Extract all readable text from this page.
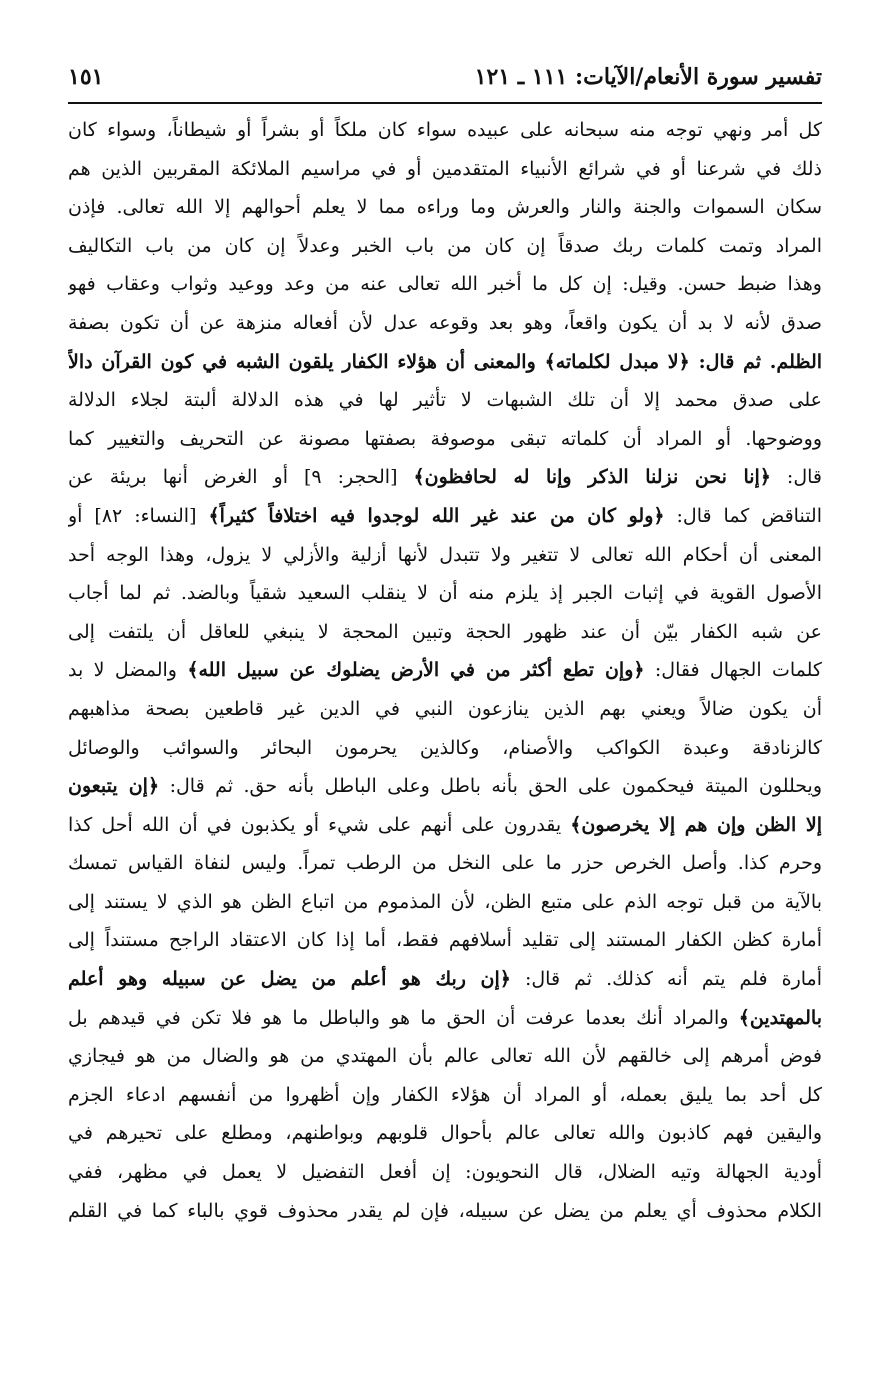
تفسير سورة الأنعام/الآيات: ١١١ ـ ١٢١
١٥١
كل أمر ونهي توجه منه سبحانه على عبيده سواء كان ملكاً أو بشراً أو شيطاناً، وسواء كان
ذلك في شرعنا أو في شرائع الأنبياء المتقدمين أو في مراسيم الملائكة المقربين الذين هم
سكان السموات والجنة والنار والعرش وما وراءه مما لا يعلم أحوالهم إلا الله تعالى. فإذن
المراد وتمت كلمات ربك صدقاً إن كان من باب الخبر وعدلاً إن كان من باب التكاليف
وهذا ضبط حسن. وقيل: إن كل ما أخبر الله تعالى عنه من وعد ووعيد وثواب وعقاب فهو
صدق لأنه لا بد أن يكون واقعاً، وهو بعد وقوعه عدل لأن أفعاله منزهة عن أن تكون بصفة
الظلم. ثم قال: ﴿لا مبدل لكلماته﴾ والمعنى أن هؤلاء الكفار يلقون الشبه في كون القرآن دالاً
على صدق محمد إلا أن تلك الشبهات لا تأثير لها في هذه الدلالة ألبتة لجلاء الدلالة
ووضوحها. أو المراد أن كلماته تبقى موصوفة بصفتها مصونة عن التحريف والتغيير كما
قال: ﴿إنا نحن نزلنا الذكر وإنا له لحافظون﴾ [الحجر: ٩] أو الغرض أنها بريئة عن
التناقض كما قال: ﴿ولو كان من عند غير الله لوجدوا فيه اختلافاً كثيراً﴾ [النساء: ٨٢] أو
المعنى أن أحكام الله تعالى لا تتغير ولا تتبدل لأنها أزلية والأزلي لا يزول، وهذا الوجه أحد
الأصول القوية في إثبات الجبر إذ يلزم منه أن لا ينقلب السعيد شقياً وبالضد. ثم لما أجاب
عن شبه الكفار بيّن أن عند ظهور الحجة وتبين المحجة لا ينبغي للعاقل أن يلتفت إلى
كلمات الجهال فقال: ﴿وإن تطع أكثر من في الأرض يضلوك عن سبيل الله﴾ والمضل لا بد
أن يكون ضالاً ويعني بهم الذين ينازعون النبي في الدين غير قاطعين بصحة مذاهبهم
كالزنادقة وعبدة الكواكب والأصنام، وكالذين يحرمون البحائر والسوائب والوصائل
ويحللون الميتة فيحكمون على الحق بأنه باطل وعلى الباطل بأنه حق. ثم قال: ﴿إن يتبعون
إلا الظن وإن هم إلا يخرصون﴾ يقدرون على أنهم على شيء أو يكذبون في أن الله أحل كذا
وحرم كذا. وأصل الخرص حزر ما على النخل من الرطب تمراً. وليس لنفاة القياس تمسك
بالآية من قبل توجه الذم على متبع الظن، لأن المذموم من اتباع الظن هو الذي لا يستند إلى
أمارة كظن الكفار المستند إلى تقليد أسلافهم فقط، أما إذا كان الاعتقاد الراجح مستنداً إلى
أمارة فلم يتم أنه كذلك. ثم قال: ﴿إن ربك هو أعلم من يضل عن سبيله وهو أعلم
بالمهتدين﴾ والمراد أنك بعدما عرفت أن الحق ما هو والباطل ما هو فلا تكن في قيدهم بل
فوض أمرهم إلى خالقهم لأن الله تعالى عالم بأن المهتدي من هو والضال من هو فيجازي
كل أحد بما يليق بعمله، أو المراد أن هؤلاء الكفار وإن أظهروا من أنفسهم ادعاء الجزم
واليقين فهم كاذبون والله تعالى عالم بأحوال قلوبهم وبواطنهم، ومطلع على تحيرهم في
أودية الجهالة وتيه الضلال، قال النحويون: إن أفعل التفضيل لا يعمل في مظهر، ففي
الكلام محذوف أي يعلم من يضل عن سبيله، فإن لم يقدر محذوف قوي بالباء كما في القلم
